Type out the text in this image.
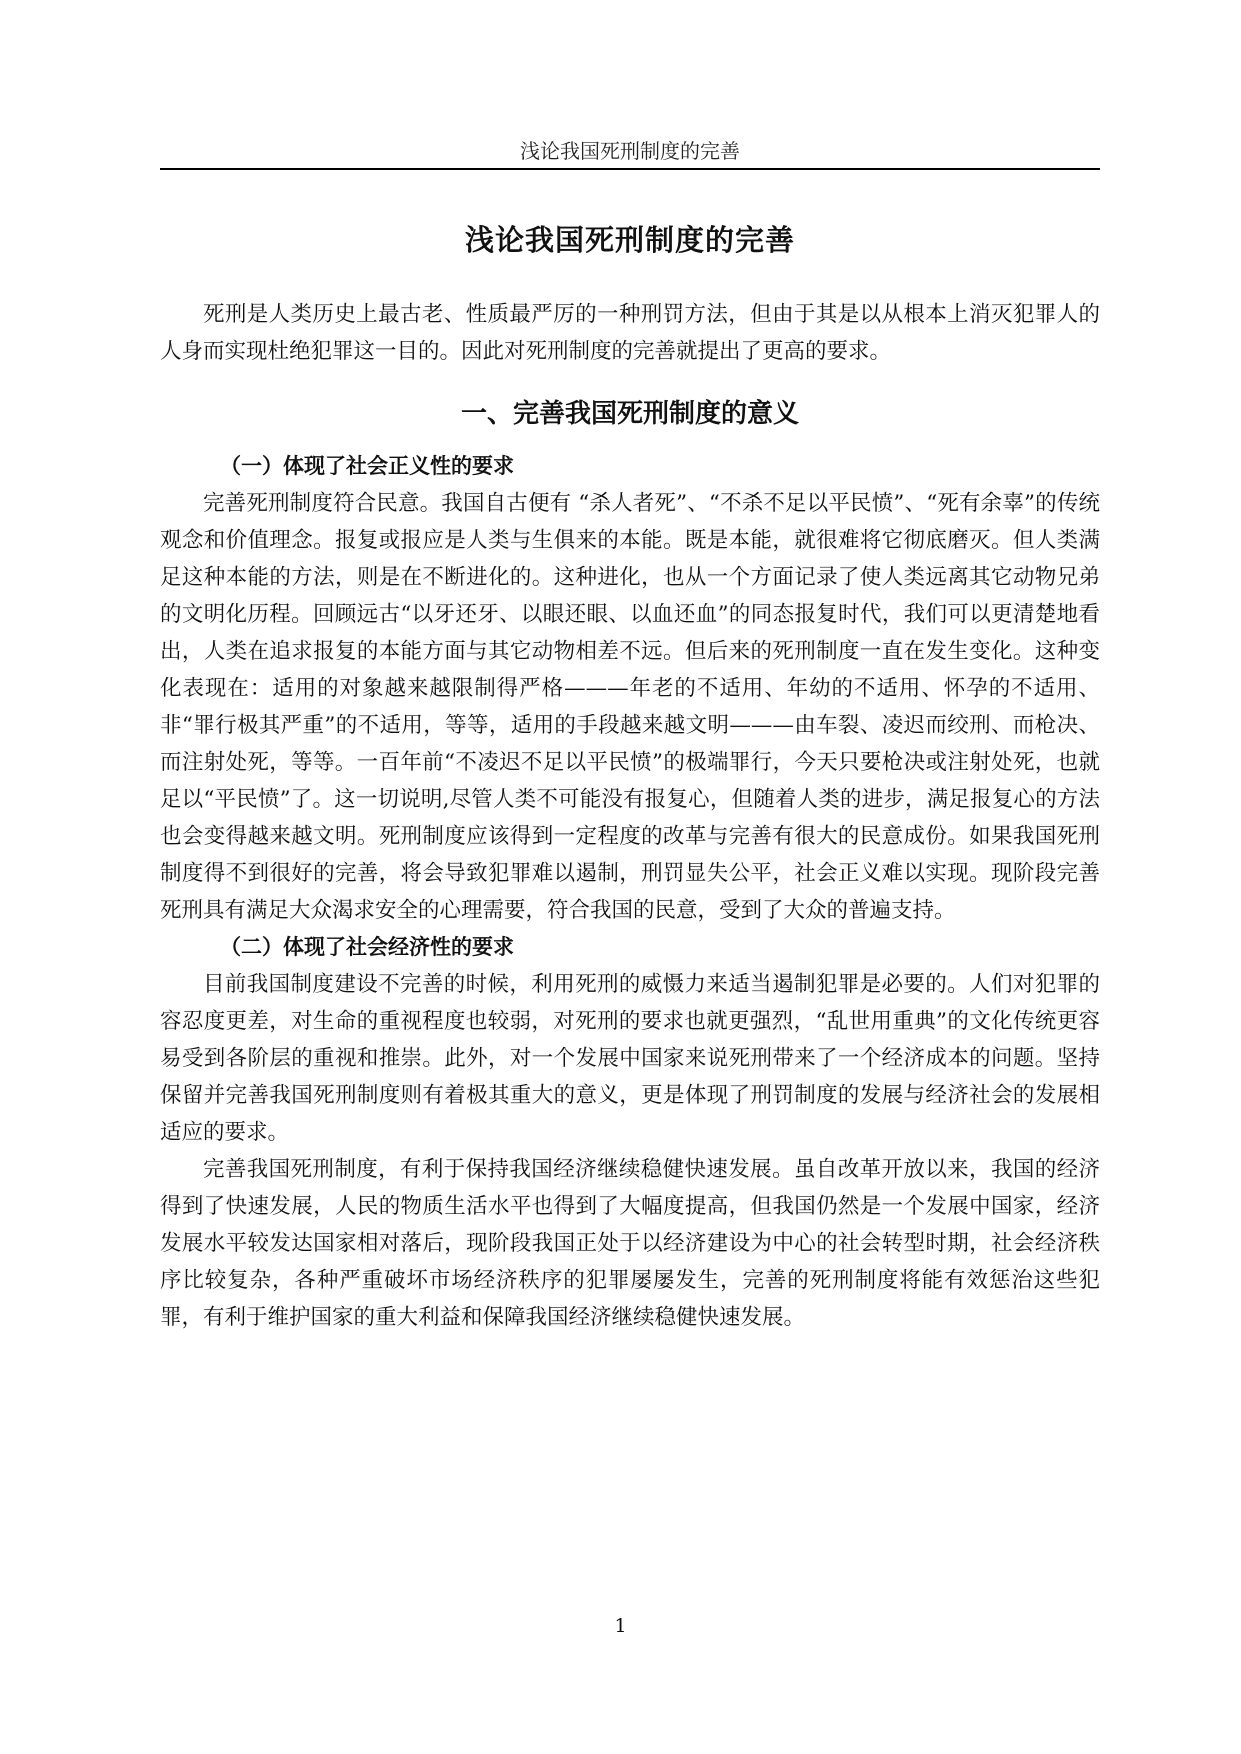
浅论我国死刑制度的完善
浅论我国死刑制度的完善

死刑是人类历史上最古老、性质最严厉的一种刑罚方法，但由于其是以从根本上消灭犯罪人的人身而实现杜绝犯罪这一目的。因此对死刑制度的完善就提出了更高的要求。

一、完善我国死刑制度的意义
（一）体现了社会正义性的要求

完善死刑制度符合民意。我国自古便有 “杀人者死”、“不杀不足以平民愤”、“死有余辜”的传统观念和价值理念。报复或报应是人类与生俱来的本能。既是本能，就很难将它彻底磨灭。但人类满足这种本能的方法，则是在不断进化的。这种进化，也从一个方面记录了使人类远离其它动物兄弟的文明化历程。回顾远古“以牙还牙、以眼还眼、以血还血”的同态报复时代，我们可以更清楚地看出，人类在追求报复的本能方面与其它动物相差不远。但后来的死刑制度一直在发生变化。这种变化表现在：适用的对象越来越限制得严格———年老的不适用、年幼的不适用、怀孕的不适用、非“罪行极其严重”的不适用，等等，适用的手段越来越文明———由车裂、凌迟而绞刑、而枪决、而注射处死，等等。一百年前“不凌迟不足以平民愤”的极端罪行，今天只要枪决或注射处死，也就足以“平民愤”了。这一切说明,尽管人类不可能没有报复心，但随着人类的进步，满足报复心的方法也会变得越来越文明。死刑制度应该得到一定程度的改革与完善有很大的民意成份。如果我国死刑制度得不到很好的完善，将会导致犯罪难以遏制，刑罚显失公平，社会正义难以实现。现阶段完善死刑具有满足大众渴求安全的心理需要，符合我国的民意，受到了大众的普遍支持。

（二）体现了社会经济性的要求

目前我国制度建设不完善的时候，利用死刑的威慑力来适当遏制犯罪是必要的。人们对犯罪的容忍度更差，对生命的重视程度也较弱，对死刑的要求也就更强烈，“乱世用重典”的文化传统更容易受到各阶层的重视和推崇。此外，对一个发展中国家来说死刑带来了一个经济成本的问题。坚持保留并完善我国死刑制度则有着极其重大的意义，更是体现了刑罚制度的发展与经济社会的发展相适应的要求。

完善我国死刑制度，有利于保持我国经济继续稳健快速发展。虽自改革开放以来，我国的经济得到了快速发展，人民的物质生活水平也得到了大幅度提高，但我国仍然是一个发展中国家，经济发展水平较发达国家相对落后，现阶段我国正处于以经济建设为中心的社会转型时期，社会经济秩序比较复杂，各种严重破坏市场经济秩序的犯罪屡屡发生，完善的死刑制度将能有效惩治这些犯罪，有利于维护国家的重大利益和保障我国经济继续稳健快速发展。

1
